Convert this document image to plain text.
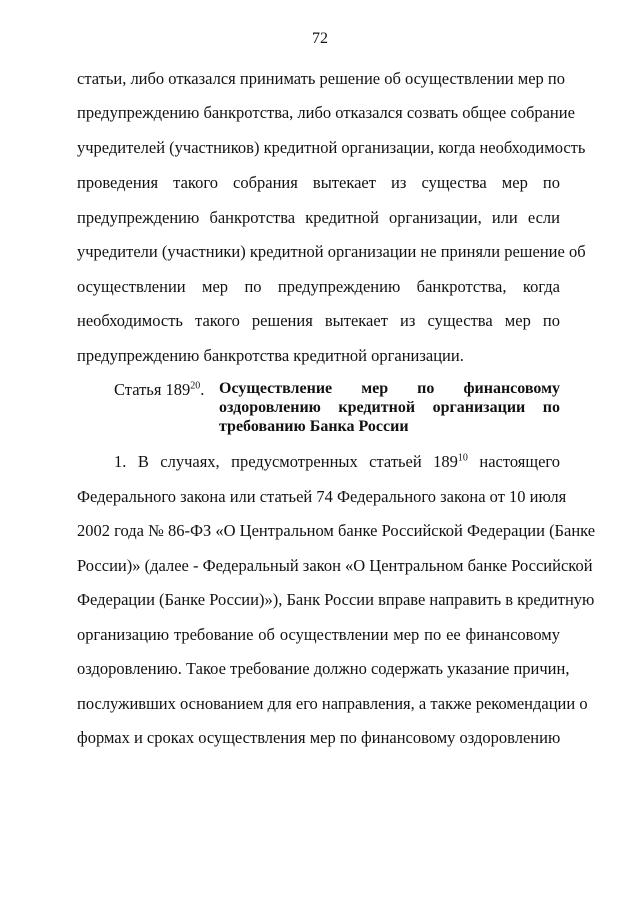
72
статьи, либо отказался принимать решение об осуществлении мер по
предупреждению банкротства, либо отказался созвать общее собрание
учредителей (участников) кредитной организации, когда необходимость
проведения такого собрания вытекает из существа мер по
предупреждению банкротства кредитной организации, или если
учредители (участники) кредитной организации не приняли решение об
осуществлении мер по предупреждению банкротства, когда
необходимость такого решения вытекает из существа мер по
предупреждению банкротства кредитной организации.
Статья $189^{20}$. Осуществление мер по финансовому
оздоровлению кредитной организации по
требованию Банка России
1. В случаях, предусмотренных статьей $189^{10}$ настоящего
Федерального закона или статьей 74 Федерального закона от 10 июля
2002 года № 86-ФЗ «О Центральном банке Российской Федерации (Банке
России)» (далее - Федеральный закон «О Центральном банке Российской
Федерации (Банке России)»), Банк России вправе направить в кредитную
организацию требование об осуществлении мер по ее финансовому
оздоровлению. Такое требование должно содержать указание причин,
послуживших основанием для его направления, а также рекомендации о
формах и сроках осуществления мер по финансовому оздоровлению
